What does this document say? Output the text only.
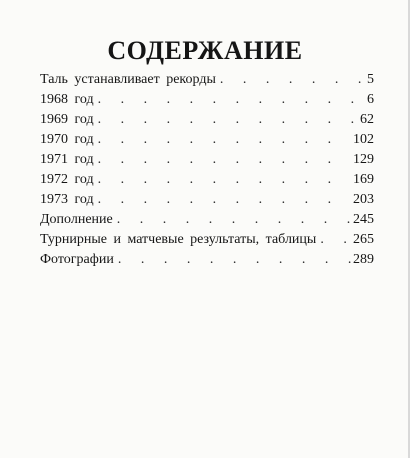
СОДЕРЖАНИЕ
Таль устанавливает рекорды . . .	5
1968 год . . .	6
1969 год . . .	62
1970 год . . .	102
1971 год . . .	129
1972 год . . .	169
1973 год . . .	203
Дополнение . . .	245
Турнирные и матчевые результаты, таблицы . . .	265
Фотографии . . .	289
